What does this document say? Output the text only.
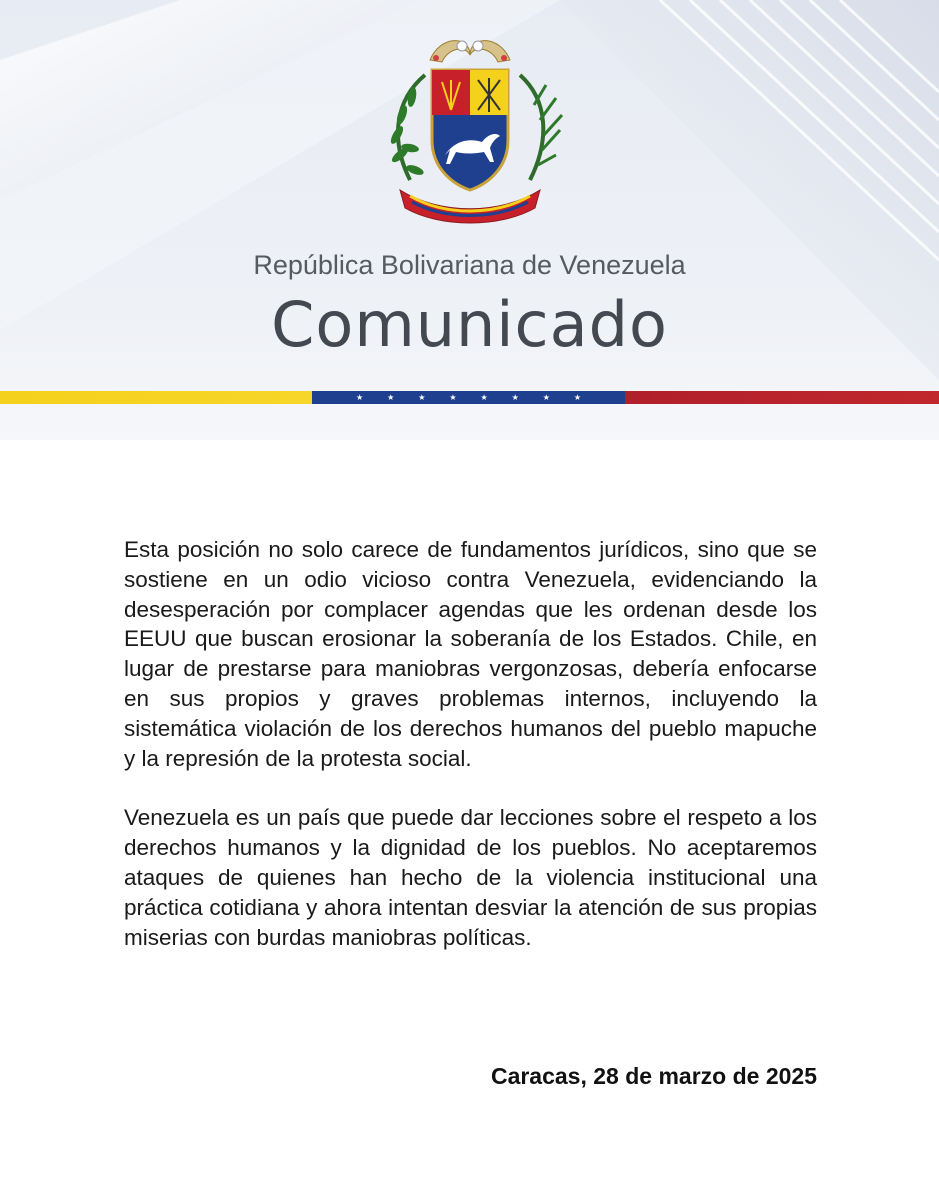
República Bolivariana de Venezuela
Comunicado
★	★	★	★	★	★	★	★

Esta posición no solo carece de fundamentos jurídicos, sino que se sostiene en un odio vicioso contra Venezuela, evidenciando la desesperación por complacer agendas que les ordenan desde los EEUU que buscan erosionar la soberanía de los Estados. Chile, en lugar de prestarse para maniobras vergonzosas, debería enfocarse en sus propios y graves problemas internos, incluyendo la sistemática violación de los derechos humanos del pueblo mapuche y la represión de la protesta social.

Venezuela es un país que puede dar lecciones sobre el respeto a los derechos humanos y la dignidad de los pueblos. No aceptaremos ataques de quienes han hecho de la violencia institucional una práctica cotidiana y ahora intentan desviar la atención de sus propias miserias con burdas maniobras políticas.

Caracas, 28 de marzo de 2025
